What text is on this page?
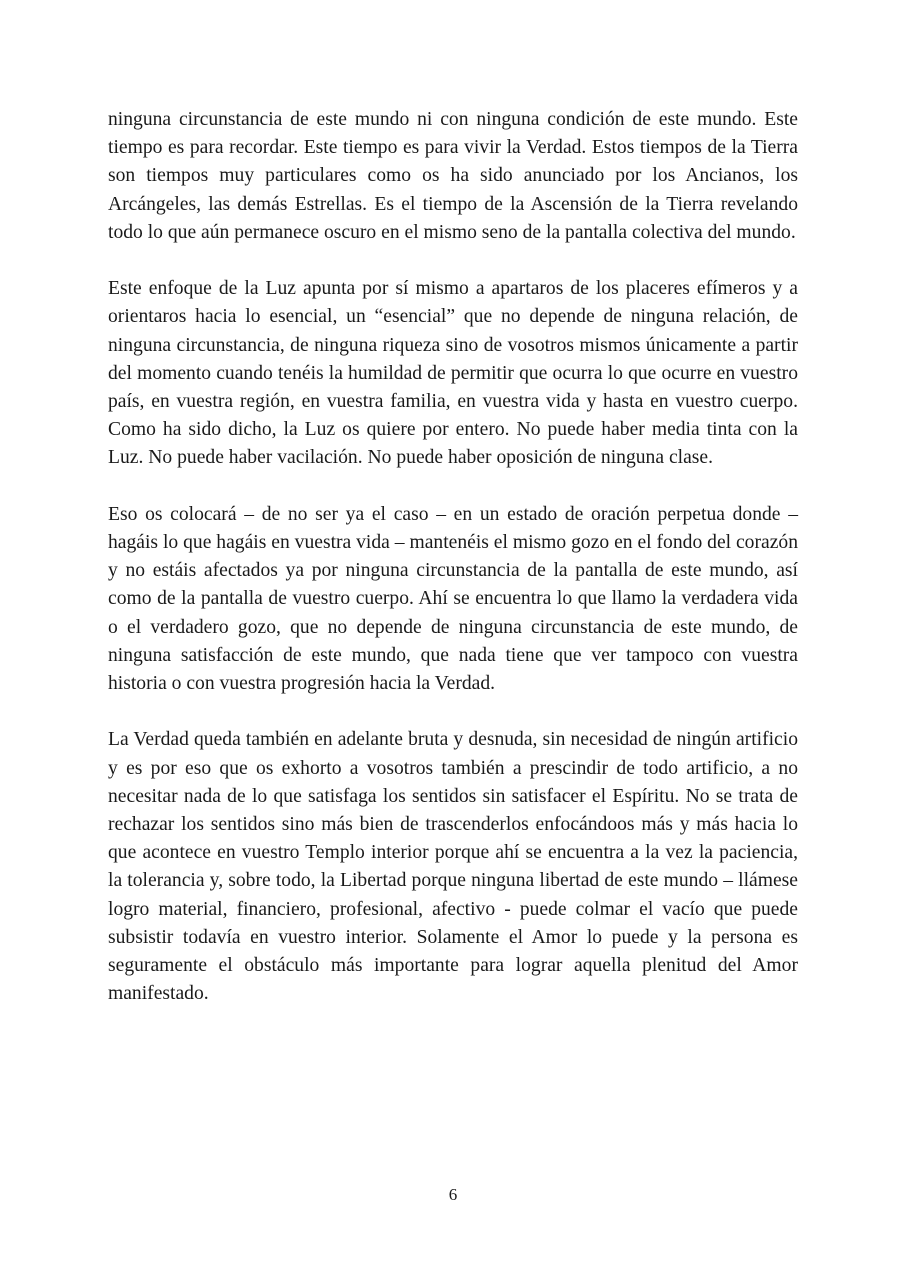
ninguna circunstancia de este mundo ni con ninguna condición de este mundo. Este tiempo es para recordar. Este tiempo es para vivir la Verdad. Estos tiempos de la Tierra son tiempos muy particulares como os ha sido anunciado por los Ancianos, los Arcángeles, las demás Estrellas. Es el tiempo de la Ascensión de la Tierra revelando todo lo que aún permanece oscuro en el mismo seno de la pantalla colectiva del mundo.

Este enfoque de la Luz apunta por sí mismo a apartaros de los placeres efímeros y a orientaros hacia lo esencial, un “esencial” que no depende de ninguna relación, de ninguna circunstancia, de ninguna riqueza sino de vosotros mismos únicamente a partir del momento cuando tenéis la humildad de permitir que ocurra lo que ocurre en vuestro país, en vuestra región, en vuestra familia, en vuestra vida y hasta en vuestro cuerpo. Como ha sido dicho, la Luz os quiere por entero. No puede haber media tinta con la Luz. No puede haber vacilación. No puede haber oposición de ninguna clase.

Eso os colocará – de no ser ya el caso – en un estado de oración perpetua donde – hagáis lo que hagáis en vuestra vida – mantenéis el mismo gozo en el fondo del corazón y no estáis afectados ya por ninguna circunstancia de la pantalla de este mundo, así como de la pantalla de vuestro cuerpo. Ahí se encuentra lo que llamo la verdadera vida o el verdadero gozo, que no depende de ninguna circunstancia de este mundo, de ninguna satisfacción de este mundo, que nada tiene que ver tampoco con vuestra historia o con vuestra progresión hacia la Verdad.

La Verdad queda también en adelante bruta y desnuda, sin necesidad de ningún artificio y es por eso que os exhorto a vosotros también a prescindir de todo artificio, a no necesitar nada de lo que satisfaga los sentidos sin satisfacer el Espíritu. No se trata de rechazar los sentidos sino más bien de trascenderlos enfocándoos más y más hacia lo que acontece en vuestro Templo interior porque ahí se encuentra a la vez la paciencia, la tolerancia y, sobre todo, la Libertad porque ninguna libertad de este mundo – llámese logro material, financiero, profesional, afectivo - puede colmar el vacío que puede subsistir todavía en vuestro interior. Solamente el Amor lo puede y la persona es seguramente el obstáculo más importante para lograr aquella plenitud del Amor manifestado.

6
